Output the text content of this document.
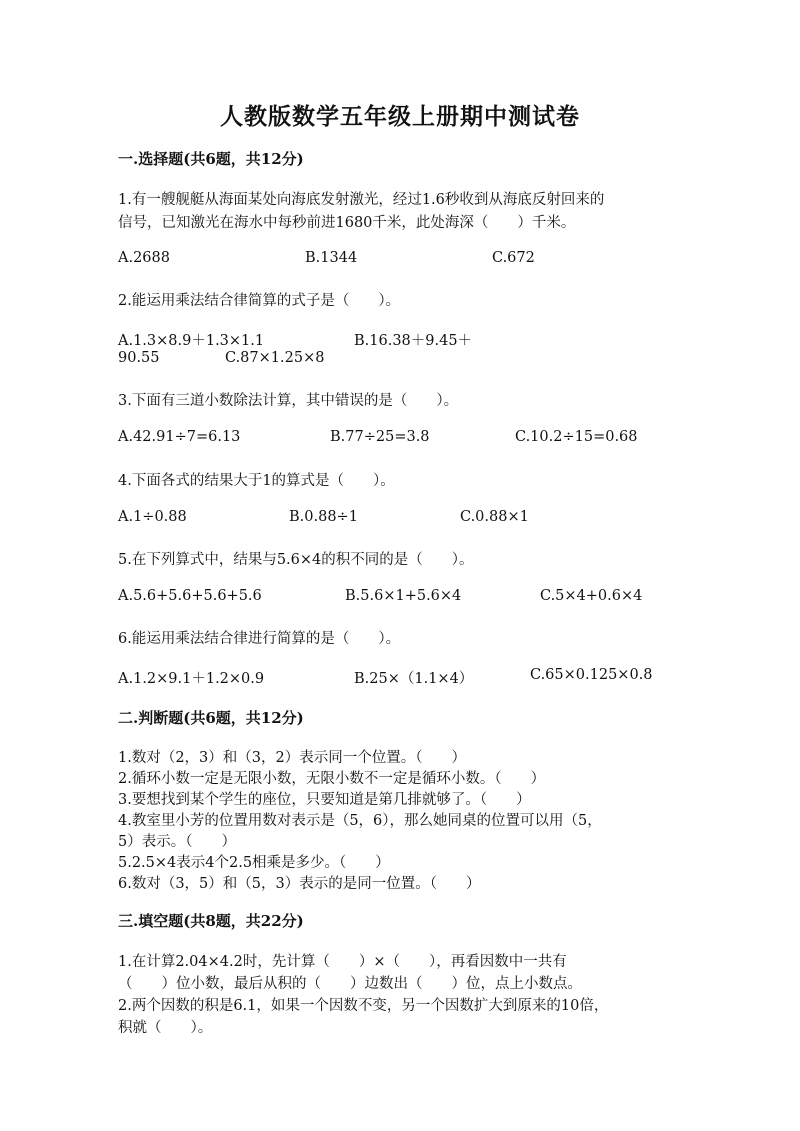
人教版数学五年级上册期中测试卷
一.选择题(共6题，共12分)
1.有一艘舰艇从海面某处向海底发射激光，经过1.6秒收到从海底反射回来的
信号，已知激光在海水中每秒前进1680千米，此处海深（　　）千米。
A.2688	B.1344	C.672
2.能运用乘法结合律简算的式子是（　　）。
A.1.3×8.9＋1.3×1.1	B.16.38＋9.45＋
90.55	C.87×1.25×8
3.下面有三道小数除法计算，其中错误的是（　　）。
A.42.91÷7=6.13	B.77÷25=3.8	C.10.2÷15=0.68
4.下面各式的结果大于1的算式是（　　）。
A.1÷0.88	B.0.88÷1	C.0.88×1
5.在下列算式中，结果与5.6×4的积不同的是（　　）。
A.5.6+5.6+5.6+5.6	B.5.6×1+5.6×4	C.5×4+0.6×4
6.能运用乘法结合律进行简算的是（　　）。
A.1.2×9.1＋1.2×0.9	B.25×（1.1×4）	C.65×0.125×0.8
二.判断题(共6题，共12分)
1.数对（2，3）和（3，2）表示同一个位置。（　　）
2.循环小数一定是无限小数，无限小数不一定是循环小数。（　　）
3.要想找到某个学生的座位，只要知道是第几排就够了。（　　）
4.教室里小芳的位置用数对表示是（5，6），那么她同桌的位置可以用（5，
5）表示。（　　）
5.2.5×4表示4个2.5相乘是多少。（　　）
6.数对（3，5）和（5，3）表示的是同一位置。（　　）
三.填空题(共8题，共22分)
1.在计算2.04×4.2时，先计算（　　）×（　　），再看因数中一共有
（　　）位小数，最后从积的（　　）边数出（　　）位，点上小数点。
2.两个因数的积是6.1，如果一个因数不变，另一个因数扩大到原来的10倍，
积就（　　）。
